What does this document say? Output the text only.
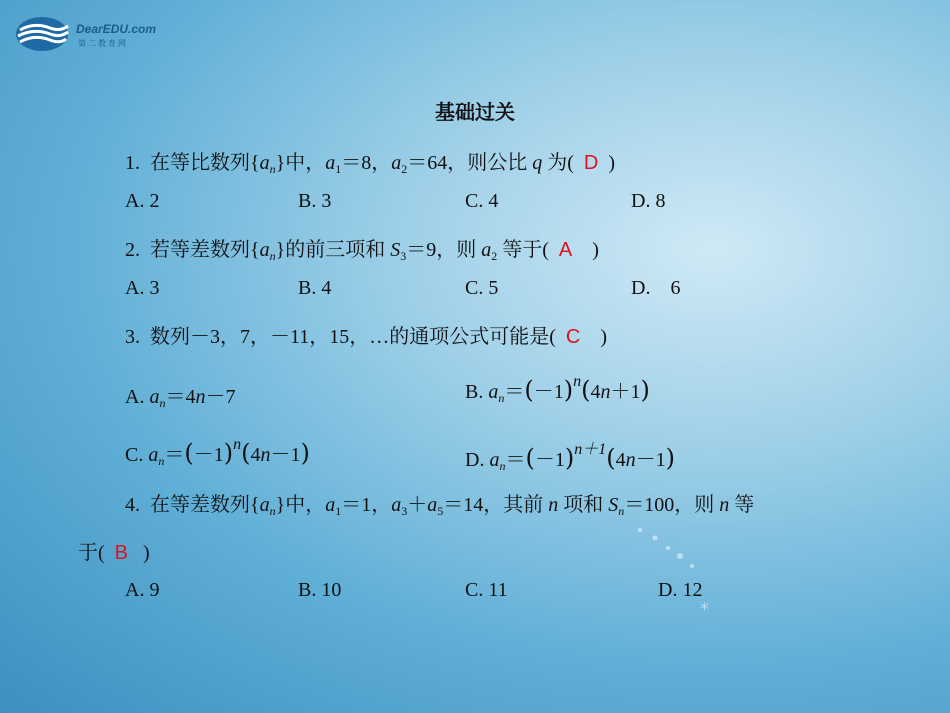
DearEDU.com
第二教育网
基础过关
1.  在等比数列$\{a_n\}$中，$a_1=8$，$a_2=64$，则公比 q 为(  D )
A. 2	B. 3	C. 4	D. 8
2.  若等差数列$\{a_n\}$的前三项和 $S_3=9$，则 $a_2$ 等于(  A )
A. 3	B. 4	C. 5	D.    6
3.  数列－3，7，－11，15，…的通项公式可能是(  C )
A. $a_n=4n-7$	B. $a_n=(-1)^n(4n+1)$
C. $a_n=(-1)^n(4n-1)$	D. $a_n=(-1)^{n+1}(4n-1)$
4.  在等差数列$\{a_n\}$中，$a_1=1$，$a_3+a_5=14$，其前 n 项和 $S_n=100$，则 n 等
于( B )
A. 9	B. 10	C. 11	D. 12
*
